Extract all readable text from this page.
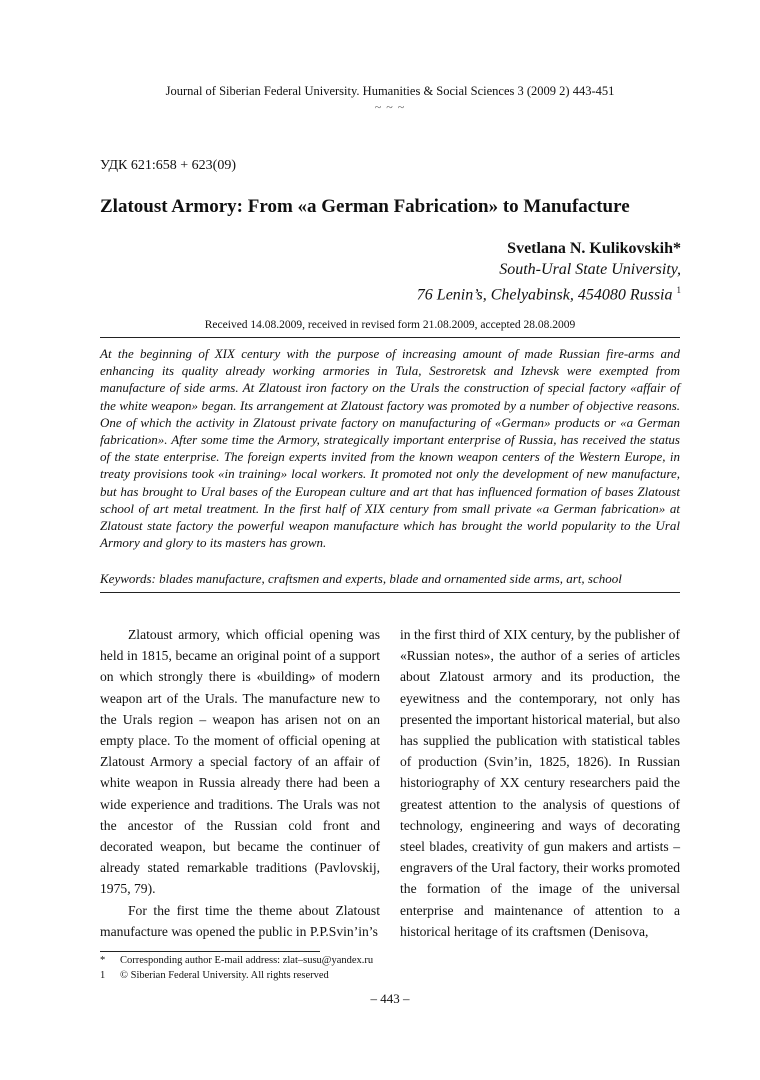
Journal of Siberian Federal University. Humanities & Social Sciences 3 (2009 2) 443-451
~ ~ ~
УДК 621:658 + 623(09)
Zlatoust Armory: From «a German Fabrication» to Manufacture
Svetlana N. Kulikovskih*
South-Ural State University,
76 Lenin’s, Chelyabinsk, 454080 Russia $^1$
Received 14.08.2009, received in revised form 21.08.2009, accepted 28.08.2009
At the beginning of XIX century with the purpose of increasing amount of made Russian fire-arms and enhancing its quality already working armories in Tula, Sestroretsk and Izhevsk were exempted from manufacture of side arms. At Zlatoust iron factory on the Urals the construction of special factory «affair of the white weapon» began. Its arrangement at Zlatoust factory was promoted by a number of objective reasons. One of which the activity in Zlatoust private factory on manufacturing of «German» products or «a German fabrication». After some time the Armory, strategically important enterprise of Russia, has received the status of the state enterprise. The foreign experts invited from the known weapon centers of the Western Europe, in treaty provisions took «in training» local workers. It promoted not only the development of new manufacture, but has brought to Ural bases of the European culture and art that has influenced formation of bases Zlatoust school of art metal treatment. In the first half of XIX century from small private «a German fabrication» at Zlatoust state factory the powerful weapon manufacture which has brought the world popularity to the Ural Armory and glory to its masters has grown.
Keywords: blades manufacture, craftsmen and experts, blade and ornamented side arms, art, school

Zlatoust armory, which official opening was held in 1815, became an original point of a support on which strongly there is «building» of modern weapon art of the Urals. The manufacture new to the Urals region – weapon has arisen not on an empty place. To the moment of official opening at Zlatoust Armory a special factory of an affair of white weapon in Russia already there had been a wide experience and traditions. The Urals was not the ancestor of the Russian cold front and decorated weapon, but became the continuer of already stated remarkable traditions (Pavlovskij, 1975, 79).

For the first time the theme about Zlatoust manufacture was opened the public in P.P.Svin’in’s

in the first third of XIX century, by the publisher of «Russian notes», the author of a series of articles about Zlatoust armory and its production, the eyewitness and the contemporary, not only has presented the important historical material, but also has supplied the publication with statistical tables of production (Svin’in, 1825, 1826). In Russian historiography of XX century researchers paid the greatest attention to the analysis of questions of technology, engineering and ways of decorating steel blades, creativity of gun makers and artists – engravers of the Ural factory, their works promoted the formation of the image of the universal enterprise and maintenance of attention to a historical heritage of its craftsmen (Denisova,

*	Corresponding author E-mail address: zlat–susu@yandex.ru
1	© Siberian Federal University. All rights reserved
– 443 –
